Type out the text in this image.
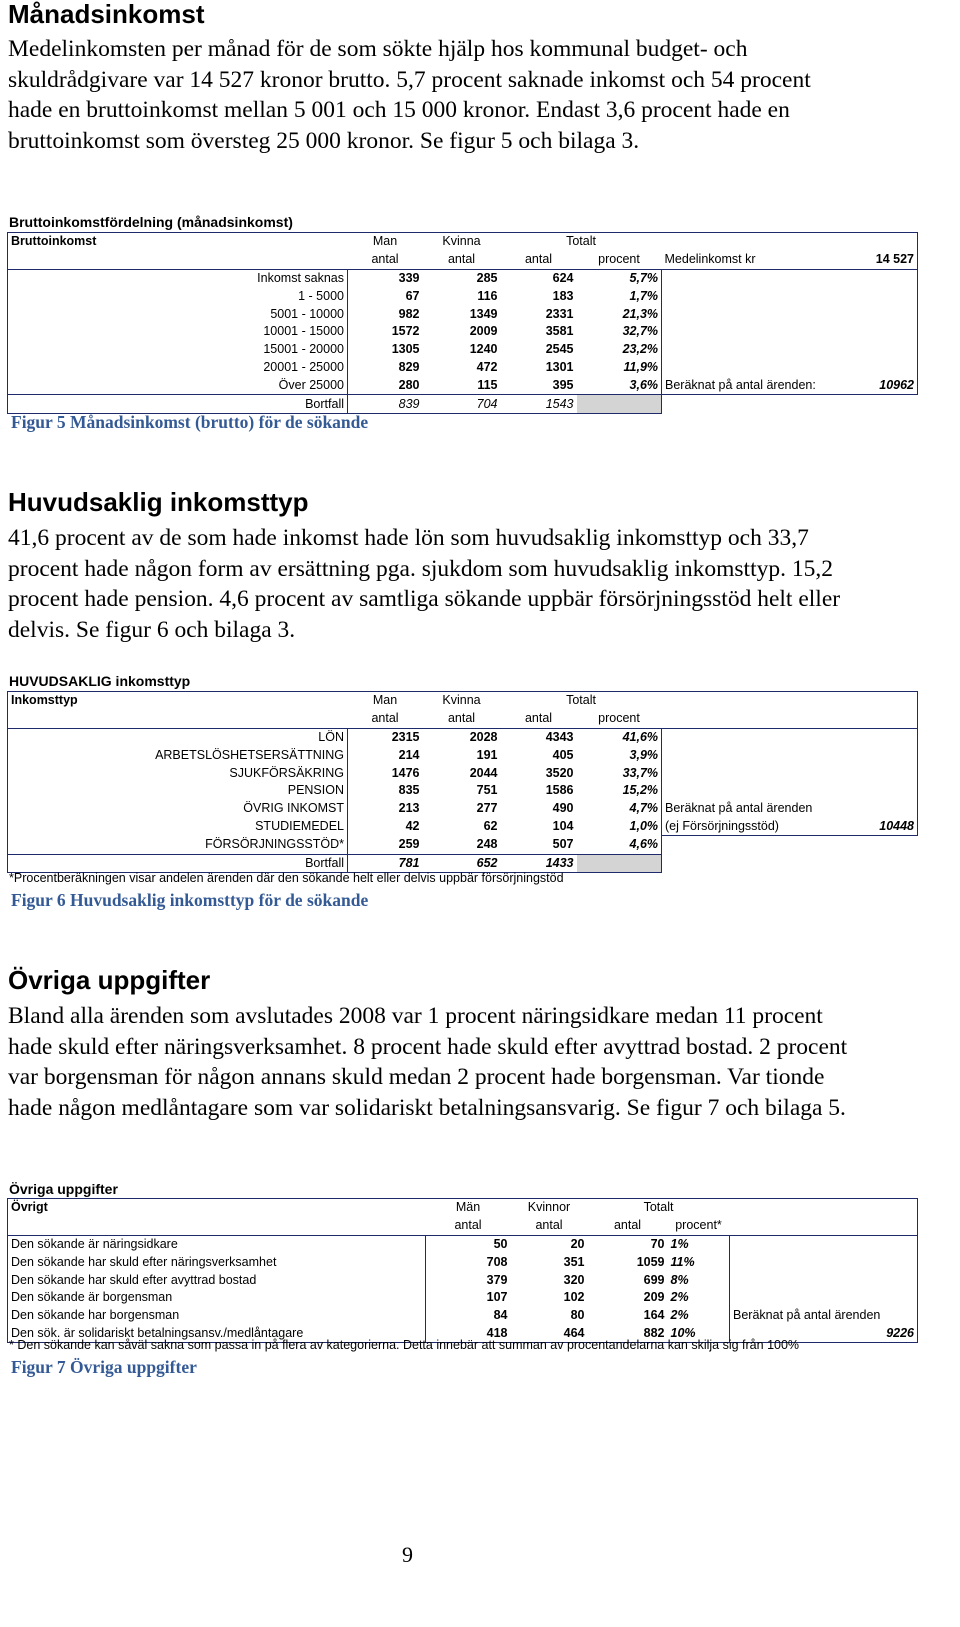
Månadsinkomst

Medelinkomsten per månad för de som sökte hjälp hos kommunal budget- och skuldrådgivare var 14 527 kronor brutto. 5,7 procent saknade inkomst och 54 procent hade en bruttoinkomst mellan 5 001 och 15 000 kronor. Endast 3,6 procent hade en bruttoinkomst som översteg 25 000 kronor. Se figur 5 och bilaga 3.

Bruttoinkomstfördelning (månadsinkomst)
Bruttoinkomst	Man	Kvinna	Totalt			
	antal	antal	antal	procent	Medelinkomst kr	14 527
Inkomst saknas	339	285	624	5,7%		
1 - 5000	67	116	183	1,7%		
5001 - 10000	982	1349	2331	21,3%		
10001 - 15000	1572	2009	3581	32,7%		
15001 - 20000	1305	1240	2545	23,2%		
20001 - 25000	829	472	1301	11,9%		
Över 25000	280	115	395	3,6%	Beräknat på antal ärenden:	10962
Bortfall	839	704	1543			
Figur 5 Månadsinkomst (brutto) för de sökande
Huvudsaklig inkomsttyp

41,6 procent av de som hade inkomst hade lön som huvudsaklig inkomsttyp och 33,7 procent hade någon form av ersättning pga. sjukdom som huvudsaklig inkomsttyp. 15,2 procent hade pension. 4,6 procent av samtliga sökande uppbär försörjningsstöd helt eller delvis. Se figur 6 och bilaga 3.

HUVUDSAKLIG inkomsttyp
Inkomsttyp	Man	Kvinna	Totalt			
	antal	antal	antal	procent		
LÖN	2315	2028	4343	41,6%		
ARBETSLÖSHETSERSÄTTNING	214	191	405	3,9%		
SJUKFÖRSÄKRING	1476	2044	3520	33,7%		
PENSION	835	751	1586	15,2%		
ÖVRIG INKOMST	213	277	490	4,7%	Beräknat på antal ärenden	
STUDIEMEDEL	42	62	104	1,0%	(ej Försörjningsstöd)	10448
FÖRSÖRJNINGSSTÖD*	259	248	507	4,6%		
Bortfall	781	652	1433			
*Procentberäkningen visar andelen ärenden där den sökande helt eller delvis uppbär försörjningstöd
Figur 6 Huvudsaklig inkomsttyp för de sökande
Övriga uppgifter

Bland alla ärenden som avslutades 2008 var 1 procent näringsidkare medan 11 procent hade skuld efter näringsverksamhet. 8 procent hade skuld efter avyttrad bostad. 2 procent var borgensman för någon annans skuld medan 2 procent hade borgensman. Var tionde hade någon medlåntagare som var solidariskt betalningsansvarig. Se figur 7 och bilaga 5.

Övriga uppgifter
Övrigt	Män	Kvinnor	Totalt			
	antal	antal	antal	procent*		
Den sökande är näringsidkare	50	20	70	1%		
Den sökande har skuld efter näringsverksamhet	708	351	1059	11%		
Den sökande har skuld efter avyttrad bostad	379	320	699	8%		
Den sökande är borgensman	107	102	209	2%		
Den sökande har borgensman	84	80	164	2%	Beräknat på antal ärenden	
Den sök. är solidariskt betalningsansv./medlåntagare	418	464	882	10%		9226
* Den sökande kan såväl sakna som passa in på flera av kategorierna. Detta innebär att summan av procentandelarna kan skilja sig från 100%
Figur 7 Övriga uppgifter
9
